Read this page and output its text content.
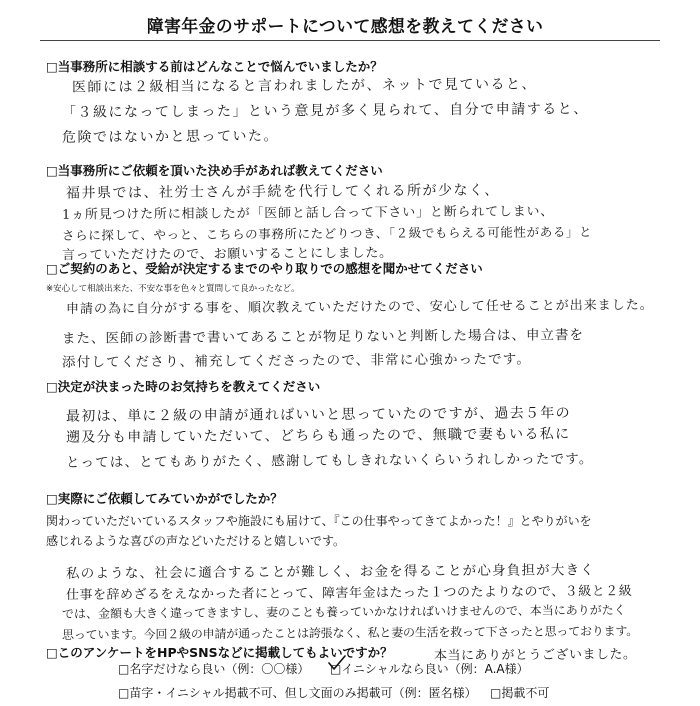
障害年金のサポートについて感想を教えてください
□当事務所に相談する前はどんなことで悩んでいましたか？
医師には２級相当になると言われましたが、ネットで見ていると、
「３級になってしまった」という意見が多く見られて、自分で申請すると、
危険ではないかと思っていた。
□当事務所にご依頼を頂いた決め手があれば教えてください
福井県では、社労士さんが手続を代行してくれる所が少なく、
1ヵ所見つけた所に相談したが「医師と話し合って下さい」と断られてしまい、
さらに探して、やっと、こちらの事務所にたどりつき、「２級でもらえる可能性がある」と
言っていただけたので、お願いすることにしました。
□ご契約のあと、受給が決定するまでのやり取りでの感想を聞かせてください
※安心して相談出来た、不安な事を色々と質問して良かったなど。
申請の為に自分がする事を、順次教えていただけたので、安心して任せることが出来ました。
また、医師の診断書で書いてあることが物足りないと判断した場合は、申立書を
添付してくださり、補充してくださったので、非常に心強かったです。
□決定が決まった時のお気持ちを教えてください
最初は、単に２級の申請が通ればいいと思っていたのですが、過去５年の
遡及分も申請していただいて、どちらも通ったので、無職で妻もいる私に
とっては、とてもありがたく、感謝してもしきれないくらいうれしかったです。
□実際にご依頼してみていかがでしたか？
関わっていただいているスタッフや施設にも届けて、『この仕事やってきてよかった！』とやりがいを
感じれるような喜びの声などいただけると嬉しいです。
私のような、社会に適合することが難しく、お金を得ることが心身負担が大きく
仕事を辞めざるをえなかった者にとって、障害年金はたった１つのたよりなので、３級と２級
では、金額も大きく違ってきますし、妻のことも養っていかなければいけませんので、本当にありがたく
思っています。今回２級の申請が通ったことは誇張なく、私と妻の生活を救って下さったと思っております。
本当にありがとうございました。
□このアンケートをHPやSNSなどに掲載してもよいですか？
□名字だけなら良い（例：〇〇様） □イニシャルなら良い（例：A.A様）
□苗字・イニシャル掲載不可、但し文面のみ掲載可（例：匿名様） □掲載不可
